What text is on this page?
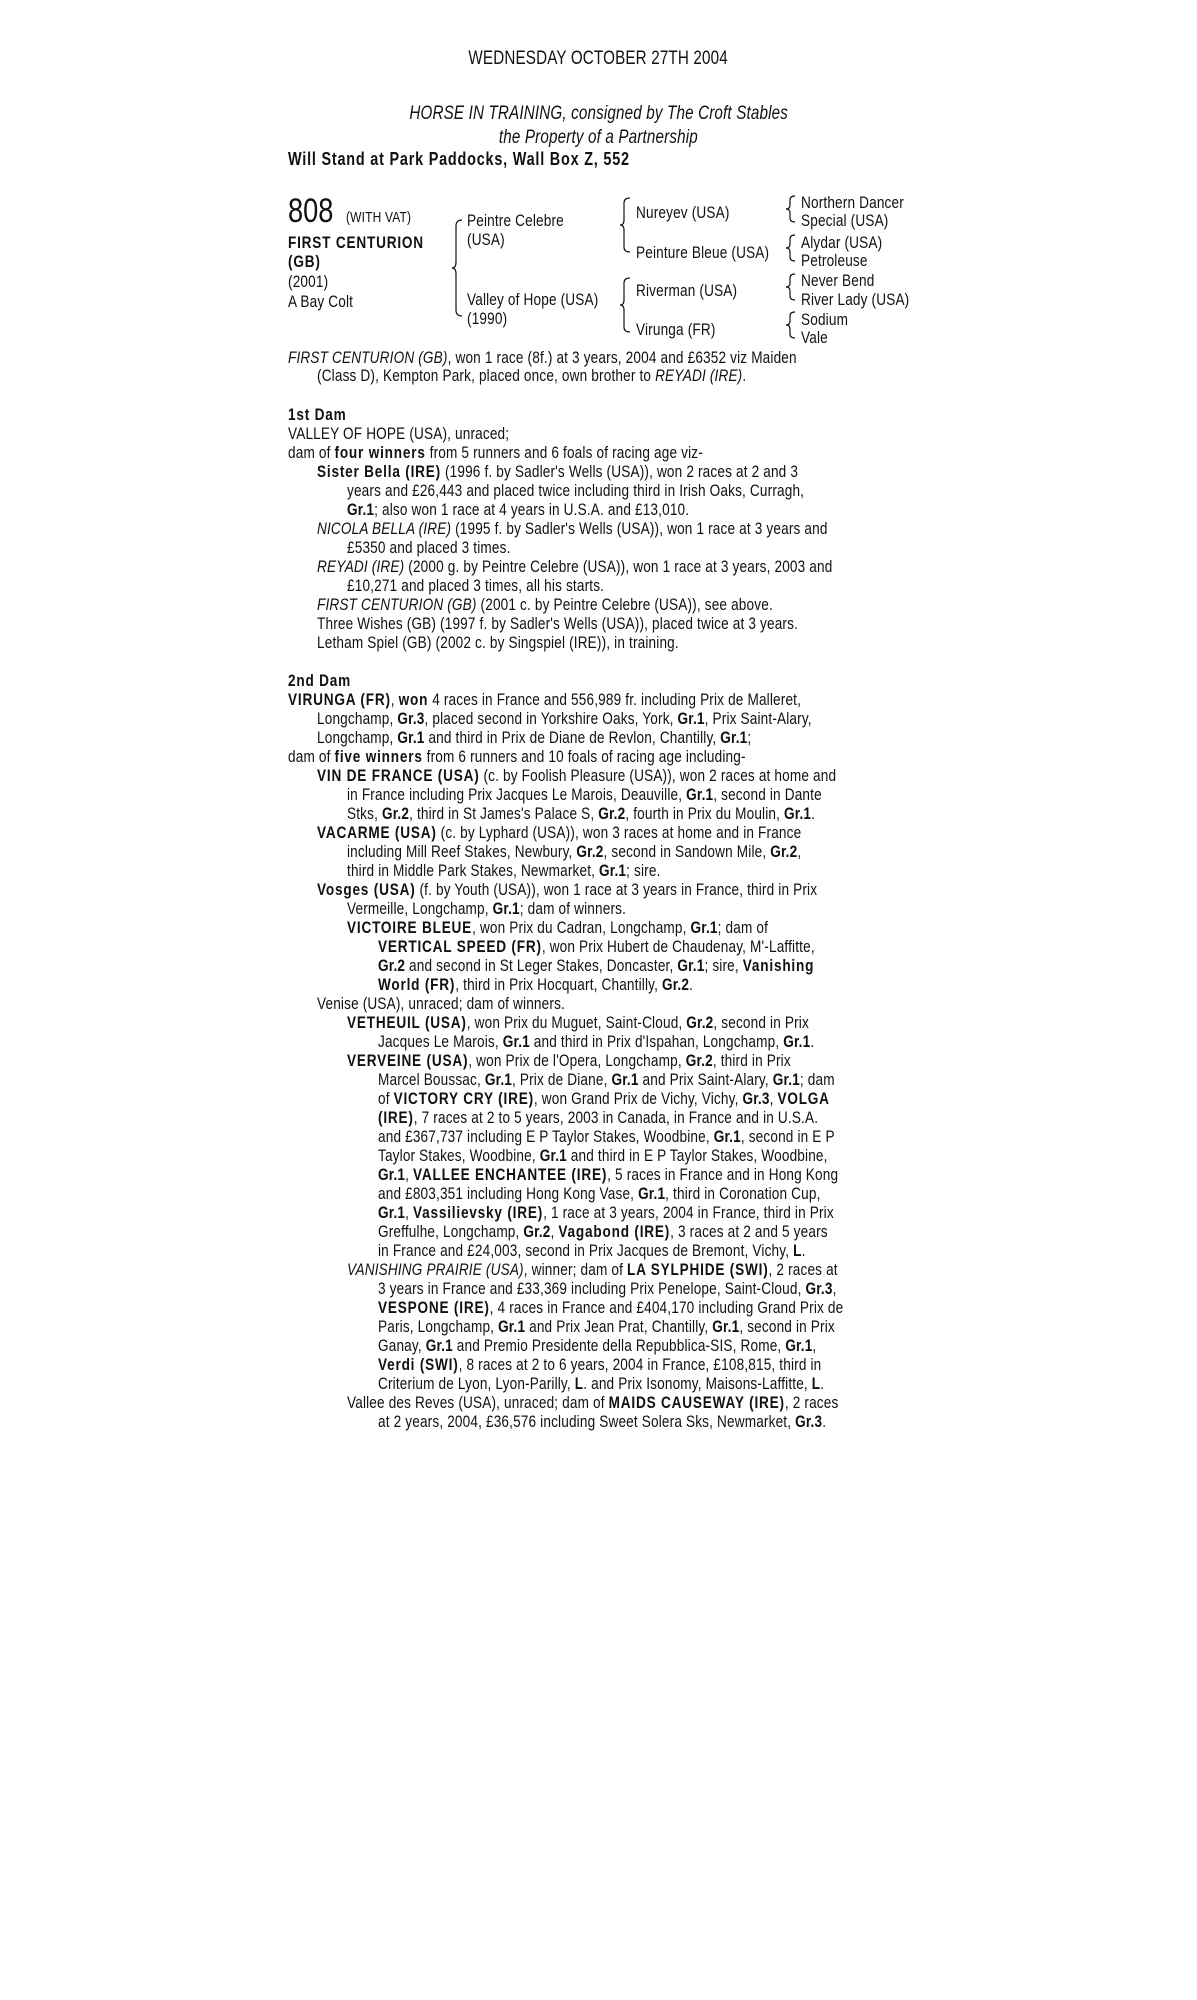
WEDNESDAY OCTOBER 27TH 2004
HORSE IN TRAINING, consigned by The Croft Stables
the Property of a Partnership
Will Stand at Park Paddocks, Wall Box Z, 552
808 (WITH VAT)
FIRST CENTURION
(GB)
(2001)
A Bay Colt
Peintre Celebre
(USA)
Valley of Hope (USA)
(1990)
Nureyev (USA)
Peinture Bleue (USA)
Riverman (USA)
Virunga (FR)
Northern Dancer
Special (USA)
Alydar (USA)
Petroleuse
Never Bend
River Lady (USA)
Sodium
Vale
FIRST CENTURION (GB), won 1 race (8f.) at 3 years, 2004 and £6352 viz Maiden
(Class D), Kempton Park, placed once, own brother to REYADI (IRE).
1st Dam
VALLEY OF HOPE (USA), unraced;
dam of four winners from 5 runners and 6 foals of racing age viz-
Sister Bella (IRE) (1996 f. by Sadler's Wells (USA)), won 2 races at 2 and 3
years and £26,443 and placed twice including third in Irish Oaks, Curragh,
Gr.1; also won 1 race at 4 years in U.S.A. and £13,010.
NICOLA BELLA (IRE) (1995 f. by Sadler's Wells (USA)), won 1 race at 3 years and
£5350 and placed 3 times.
REYADI (IRE) (2000 g. by Peintre Celebre (USA)), won 1 race at 3 years, 2003 and
£10,271 and placed 3 times, all his starts.
FIRST CENTURION (GB) (2001 c. by Peintre Celebre (USA)), see above.
Three Wishes (GB) (1997 f. by Sadler's Wells (USA)), placed twice at 3 years.
Letham Spiel (GB) (2002 c. by Singspiel (IRE)), in training.
2nd Dam
VIRUNGA (FR), won 4 races in France and 556,989 fr. including Prix de Malleret,
Longchamp, Gr.3, placed second in Yorkshire Oaks, York, Gr.1, Prix Saint-Alary,
Longchamp, Gr.1 and third in Prix de Diane de Revlon, Chantilly, Gr.1;
dam of five winners from 6 runners and 10 foals of racing age including-
VIN DE FRANCE (USA) (c. by Foolish Pleasure (USA)), won 2 races at home and
in France including Prix Jacques Le Marois, Deauville, Gr.1, second in Dante
Stks, Gr.2, third in St James's Palace S, Gr.2, fourth in Prix du Moulin, Gr.1.
VACARME (USA) (c. by Lyphard (USA)), won 3 races at home and in France
including Mill Reef Stakes, Newbury, Gr.2, second in Sandown Mile, Gr.2,
third in Middle Park Stakes, Newmarket, Gr.1; sire.
Vosges (USA) (f. by Youth (USA)), won 1 race at 3 years in France, third in Prix
Vermeille, Longchamp, Gr.1; dam of winners.
VICTOIRE BLEUE, won Prix du Cadran, Longchamp, Gr.1; dam of
VERTICAL SPEED (FR), won Prix Hubert de Chaudenay, M'-Laffitte,
Gr.2 and second in St Leger Stakes, Doncaster, Gr.1; sire, Vanishing
World (FR), third in Prix Hocquart, Chantilly, Gr.2.
Venise (USA), unraced; dam of winners.
VETHEUIL (USA), won Prix du Muguet, Saint-Cloud, Gr.2, second in Prix
Jacques Le Marois, Gr.1 and third in Prix d'Ispahan, Longchamp, Gr.1.
VERVEINE (USA), won Prix de l'Opera, Longchamp, Gr.2, third in Prix
Marcel Boussac, Gr.1, Prix de Diane, Gr.1 and Prix Saint-Alary, Gr.1; dam
of VICTORY CRY (IRE), won Grand Prix de Vichy, Vichy, Gr.3, VOLGA
(IRE), 7 races at 2 to 5 years, 2003 in Canada, in France and in U.S.A.
and £367,737 including E P Taylor Stakes, Woodbine, Gr.1, second in E P
Taylor Stakes, Woodbine, Gr.1 and third in E P Taylor Stakes, Woodbine,
Gr.1, VALLEE ENCHANTEE (IRE), 5 races in France and in Hong Kong
and £803,351 including Hong Kong Vase, Gr.1, third in Coronation Cup,
Gr.1, Vassilievsky (IRE), 1 race at 3 years, 2004 in France, third in Prix
Greffulhe, Longchamp, Gr.2, Vagabond (IRE), 3 races at 2 and 5 years
in France and £24,003, second in Prix Jacques de Bremont, Vichy, L.
VANISHING PRAIRIE (USA), winner; dam of LA SYLPHIDE (SWI), 2 races at
3 years in France and £33,369 including Prix Penelope, Saint-Cloud, Gr.3,
VESPONE (IRE), 4 races in France and £404,170 including Grand Prix de
Paris, Longchamp, Gr.1 and Prix Jean Prat, Chantilly, Gr.1, second in Prix
Ganay, Gr.1 and Premio Presidente della Repubblica-SIS, Rome, Gr.1,
Verdi (SWI), 8 races at 2 to 6 years, 2004 in France, £108,815, third in
Criterium de Lyon, Lyon-Parilly, L. and Prix Isonomy, Maisons-Laffitte, L.
Vallee des Reves (USA), unraced; dam of MAIDS CAUSEWAY (IRE), 2 races
at 2 years, 2004, £36,576 including Sweet Solera Sks, Newmarket, Gr.3.
